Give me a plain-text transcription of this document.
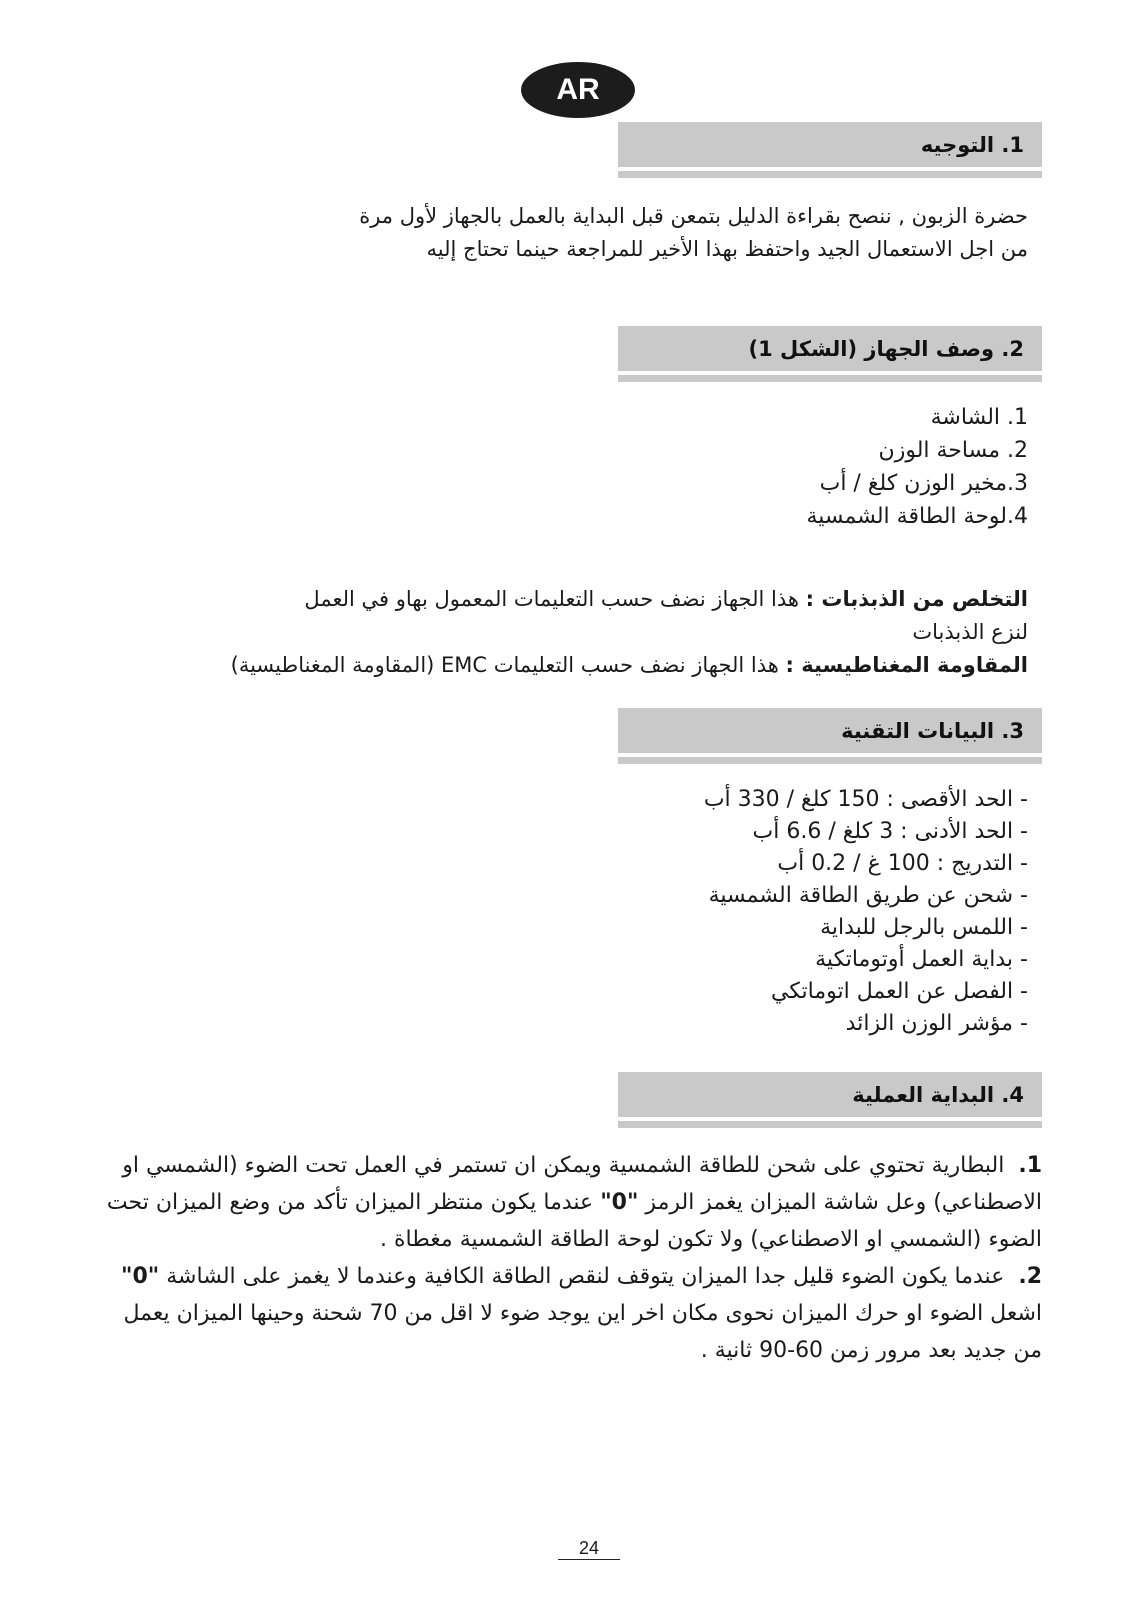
AR
1. التوجيه
حضرة الزبون , ننصح بقراءة الدليل بتمعن قبل البداية بالعمل بالجهاز لأول مرة
من اجل الاستعمال الجيد واحتفظ بهذا الأخير للمراجعة حينما تحتاج إليه
2. وصف الجهاز (الشكل 1)
1. الشاشة
2. مساحة الوزن
3.مخير الوزن كلغ / أب
4.لوحة الطاقة الشمسية
التخلص من الذبذبات : هذا الجهاز نضف حسب التعليمات المعمول بهاو في العمل
لنزع الذبذبات
المقاومة المغناطيسية : هذا الجهاز نضف حسب التعليمات EMC (المقاومة المغناطيسية)
3. البيانات التقنية
- الحد الأقصى : 150 كلغ / 330 أب
- الحد الأدنى : 3 كلغ / 6.6 أب
- التدريج : 100 غ / 0.2 أب
- شحن عن طريق الطاقة الشمسية
- اللمس بالرجل للبداية
- بداية العمل أوتوماتكية
- الفصل عن العمل اتوماتكي
- مؤشر الوزن الزائد
4. البداية العملية
1.  البطارية تحتوي على شحن للطاقة الشمسية ويمكن ان تستمر في العمل تحت الضوء (الشمسي او الاصطناعي) وعل شاشة الميزان يغمز الرمز "0" عندما يكون منتظر الميزان تأكد من وضع الميزان تحت الضوء (الشمسي او الاصطناعي) ولا تكون لوحة الطاقة الشمسية مغطاة .
2.  عندما يكون الضوء قليل جدا الميزان يتوقف لنقص الطاقة الكافية وعندما لا يغمز على الشاشة "0" اشعل الضوء او حرك الميزان نحوى مكان اخر اين يوجد ضوء لا اقل من 70 شحنة وحينها الميزان يعمل من جديد بعد مرور زمن 60-90 ثانية .
24
